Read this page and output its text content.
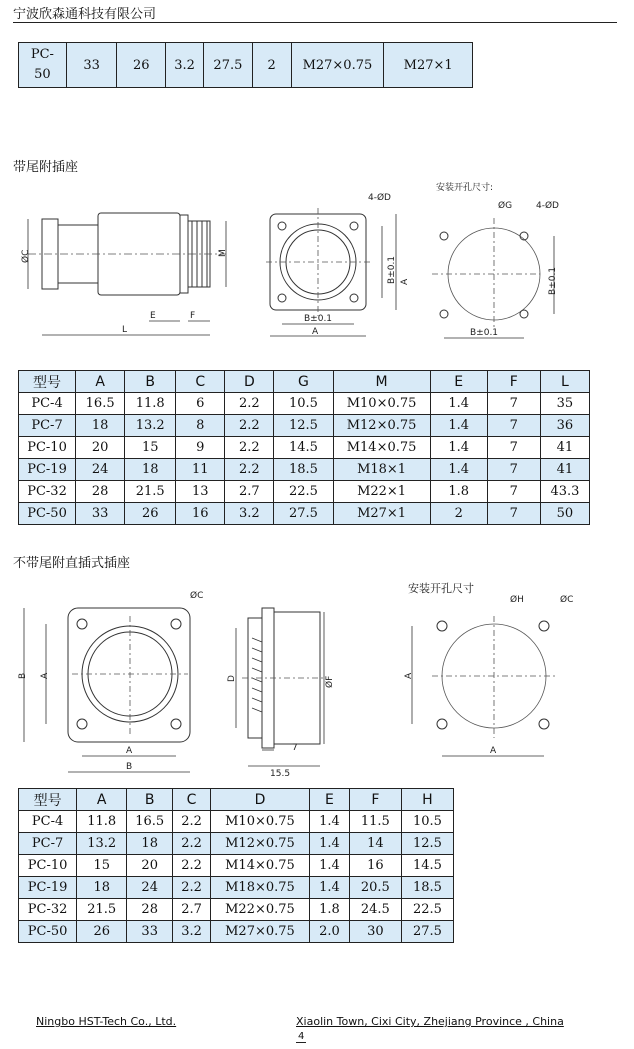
宁波欣森通科技有限公司
PC-
50	33	26	3.2	27.5	2	M27×0.75	M27×1
带尾附插座
ØC	M
E	F
L
4-ØD
B±0.1
A
B±0.1 A
安装开孔尺寸:
ØG	4-ØD
B±0.1
B±0.1
型号	A	B	C	D	G	M	E	F	L
PC-4	16.5	11.8	6	2.2	10.5	M10×0.75	1.4	7	35
PC-7	18	13.2	8	2.2	12.5	M12×0.75	1.4	7	36
PC-10	20	15	9	2.2	14.5	M14×0.75	1.4	7	41
PC-19	24	18	11	2.2	18.5	M18×1	1.4	7	41
PC-32	28	21.5	13	2.7	22.5	M22×1	1.8	7	43.3
PC-50	33	26	16	3.2	27.5	M27×1	2	7	50
不带尾附直插式插座
ØC
B A
A
B
D	ØF
7
15.5
安装开孔尺寸
ØH	ØC
A
A
型号	A	B	C	D	E	F	H
PC-4	11.8	16.5	2.2	M10×0.75	1.4	11.5	10.5
PC-7	13.2	18	2.2	M12×0.75	1.4	14	12.5
PC-10	15	20	2.2	M14×0.75	1.4	16	14.5
PC-19	18	24	2.2	M18×0.75	1.4	20.5	18.5
PC-32	21.5	28	2.7	M22×0.75	1.8	24.5	22.5
PC-50	26	33	3.2	M27×0.75	2.0	30	27.5
Ningbo HST-Tech Co., Ltd.	Xiaolin Town, Cixi City, Zhejiang Province , China
4
